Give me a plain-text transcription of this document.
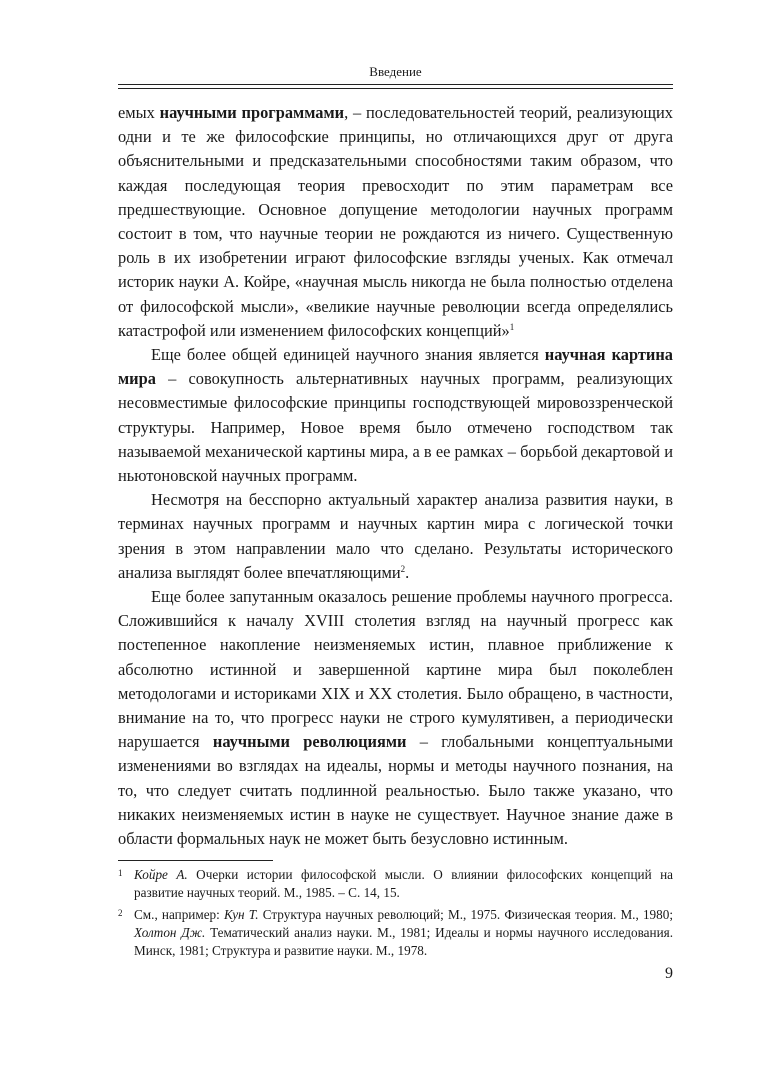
Введение

емых научными программами, – последовательностей теорий, реализующих одни и те же философские принципы, но отличающихся друг от друга объяснительными и предсказательными способностями таким образом, что каждая последующая теория превосходит по этим параметрам все предшествующие. Основное допущение методологии научных программ состоит в том, что научные теории не рождаются из ничего. Существенную роль в их изобретении играют философские взгляды ученых. Как отмечал историк науки А. Койре, «научная мысль никогда не была полностью отделена от философской мысли», «великие научные революции всегда определялись катастрофой или изменением философских концепций»$^1$

Еще более общей единицей научного знания является научная картина мира – совокупность альтернативных научных программ, реализующих несовместимые философские принципы господствующей мировоззренческой структуры. Например, Новое время было отмечено господством так называемой механической картины мира, а в ее рамках – борьбой декартовой и ньютоновской научных программ.

Несмотря на бесспорно актуальный характер анализа развития науки, в терминах научных программ и научных картин мира с логической точки зрения в этом направлении мало что сделано. Результаты исторического анализа выглядят более впечатляющими$^2$.

Еще более запутанным оказалось решение проблемы научного прогресса. Сложившийся к началу XVIII столетия взгляд на научный прогресс как постепенное накопление неизменяемых истин, плавное приближение к абсолютно истинной и завершенной картине мира был поколеблен методологами и историками XIX и XX столетия. Было обращено, в частности, внимание на то, что прогресс науки не строго кумулятивен, а периодически нарушается научными революциями – глобальными концептуальными изменениями во взглядах на идеалы, нормы и методы научного познания, на то, что следует считать подлинной реальностью. Было также указано, что никаких неизменяемых истин в науке не существует. Научное знание даже в области формальных наук не может быть безусловно истинным.

1 Койре А. Очерки истории философской мысли. О влиянии философских концепций на развитие научных теорий. М., 1985. – С. 14, 15.
2 См., например: Кун Т. Структура научных революций; М., 1975. Физическая теория. М., 1980; Холтон Дж. Тематический анализ науки. М., 1981; Идеалы и нормы научного исследования. Минск, 1981; Структура и развитие науки. М., 1978.
9
